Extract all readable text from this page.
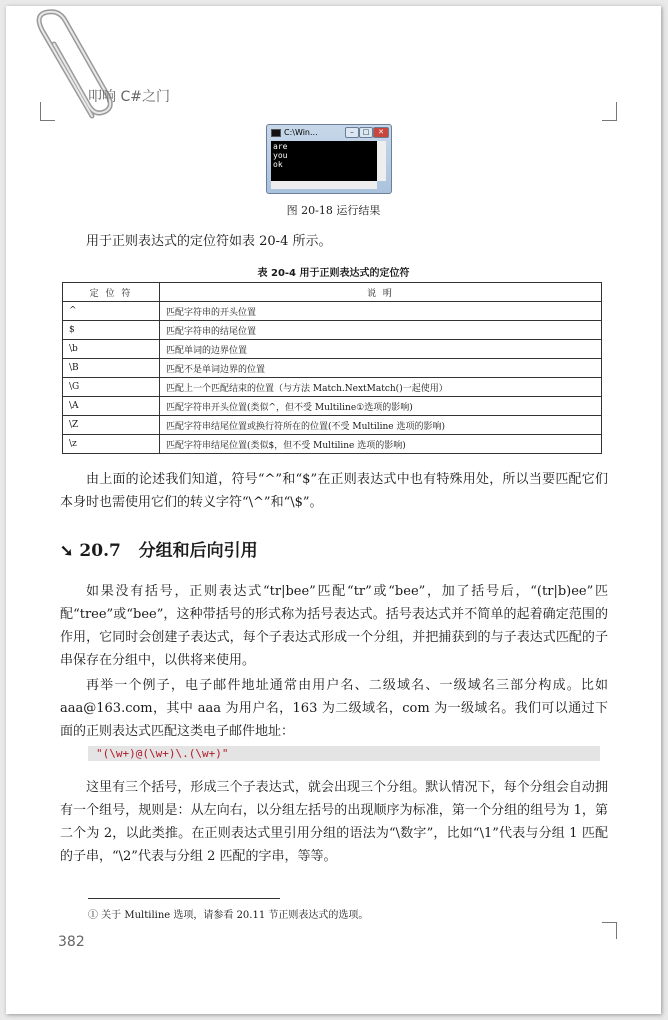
叩响 C#之门
C:\Win...	–	□	✕
are
you
ok
图 20-18 运行结果
用于正则表达式的定位符如表 20-4 所示。
表 20-4 用于正则表达式的定位符
定 位 符	说 明
^	匹配字符串的开头位置
$	匹配字符串的结尾位置
\b	匹配单词的边界位置
\B	匹配不是单词边界的位置
\G	匹配上一个匹配结束的位置（与方法 Match.NextMatch()一起使用）
\A	匹配字符串开头位置(类似^，但不受 Multiline①选项的影响)
\Z	匹配字符串结尾位置或换行符所在的位置(不受 Multiline 选项的影响)
\z	匹配字符串结尾位置(类似$，但不受 Multiline 选项的影响)
由上面的论述我们知道，符号“^”和“$”在正则表达式中也有特殊用处，所以当要匹配它们本身时也需使用它们的转义字符“\^”和“\$”。
➘ 20.7 分组和后向引用
如果没有括号，正则表达式“tr|bee”匹配“tr”或“bee”，加了括号后，“(tr|b)ee”匹配“tree”或“bee”，这种带括号的形式称为括号表达式。括号表达式并不简单的起着确定范围的作用，它同时会创建子表达式，每个子表达式形成一个分组，并把捕获到的与子表达式匹配的子串保存在分组中，以供将来使用。
再举一个例子，电子邮件地址通常由用户名、二级域名、一级域名三部分构成。比如 aaa@163.com，其中 aaa 为用户名，163 为二级域名，com 为一级域名。我们可以通过下面的正则表达式匹配这类电子邮件地址：
"(\w+)@(\w+)\.(\w+)"
这里有三个括号，形成三个子表达式，就会出现三个分组。默认情况下，每个分组会自动拥有一个组号，规则是：从左向右，以分组左括号的出现顺序为标准，第一个分组的组号为 1，第二个为 2，以此类推。在正则表达式里引用分组的语法为“\数字”，比如“\1”代表与分组 1 匹配的子串，“\2”代表与分组 2 匹配的字串，等等。
① 关于 Multiline 选项，请参看 20.11 节正则表达式的选项。
382
